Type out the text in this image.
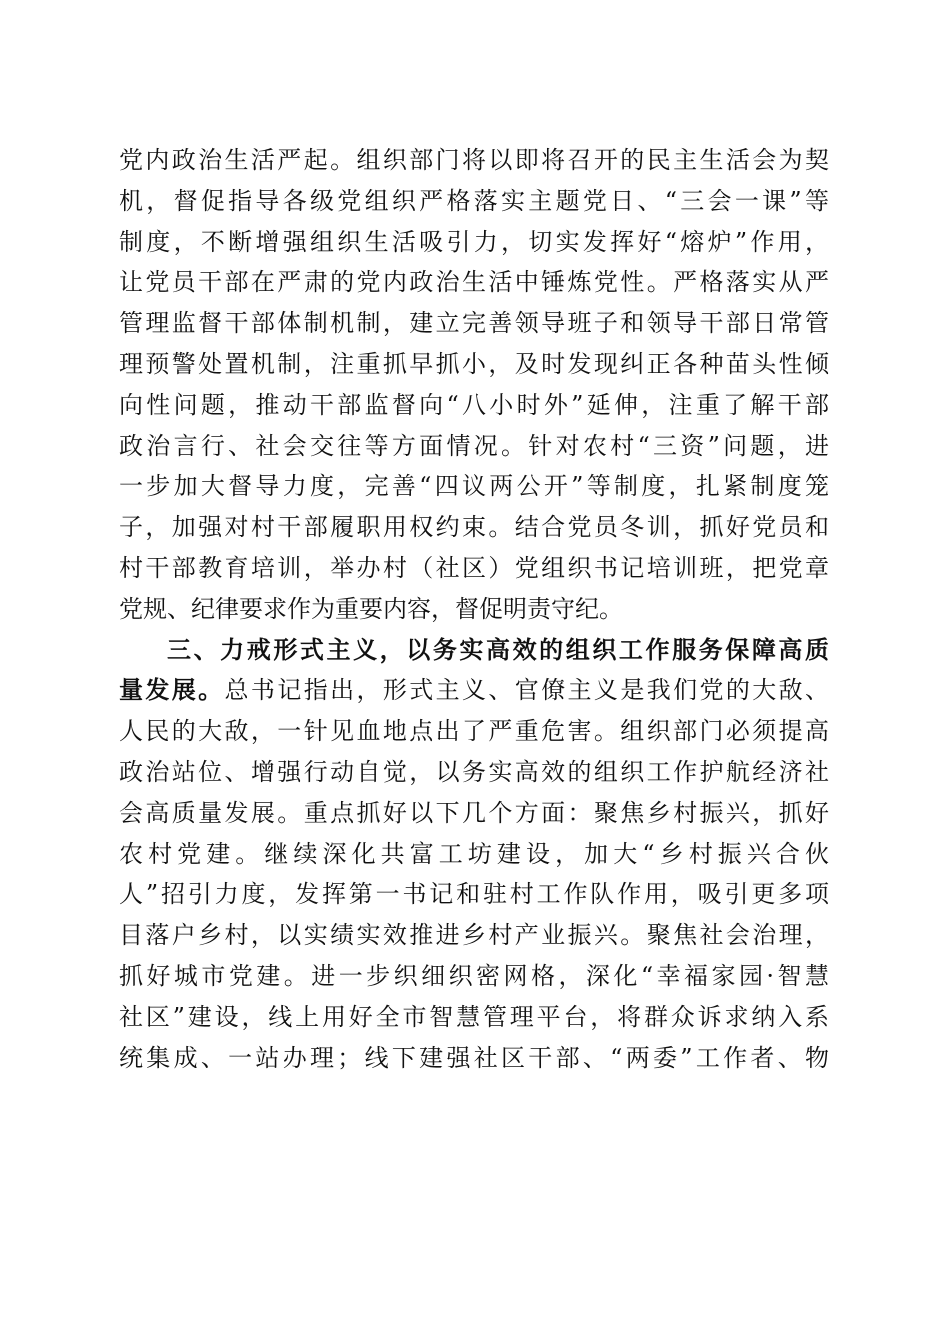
党内政治生活严起。组织部门将以即将召开的民主生活会为契
机，督促指导各级党组织严格落实主题党日、“三会一课”等
制度，不断增强组织生活吸引力，切实发挥好“熔炉”作用，
让党员干部在严肃的党内政治生活中锤炼党性。严格落实从严
管理监督干部体制机制，建立完善领导班子和领导干部日常管
理预警处置机制，注重抓早抓小，及时发现纠正各种苗头性倾
向性问题，推动干部监督向“八小时外”延伸，注重了解干部
政治言行、社会交往等方面情况。针对农村“三资”问题，进
一步加大督导力度，完善“四议两公开”等制度，扎紧制度笼
子，加强对村干部履职用权约束。结合党员冬训，抓好党员和
村干部教育培训，举办村（社区）党组织书记培训班，把党章
党规、纪律要求作为重要内容，督促明责守纪。
三、力戒形式主义，以务实高效的组织工作服务保障高质
量发展。总书记指出，形式主义、官僚主义是我们党的大敌、
人民的大敌，一针见血地点出了严重危害。组织部门必须提高
政治站位、增强行动自觉，以务实高效的组织工作护航经济社
会高质量发展。重点抓好以下几个方面：聚焦乡村振兴，抓好
农村党建。继续深化共富工坊建设，加大“乡村振兴合伙
人”招引力度，发挥第一书记和驻村工作队作用，吸引更多项
目落户乡村，以实绩实效推进乡村产业振兴。聚焦社会治理，
抓好城市党建。进一步织细织密网格，深化“幸福家园·智慧
社区”建设，线上用好全市智慧管理平台，将群众诉求纳入系
统集成、一站办理；线下建强社区干部、“两委”工作者、物
